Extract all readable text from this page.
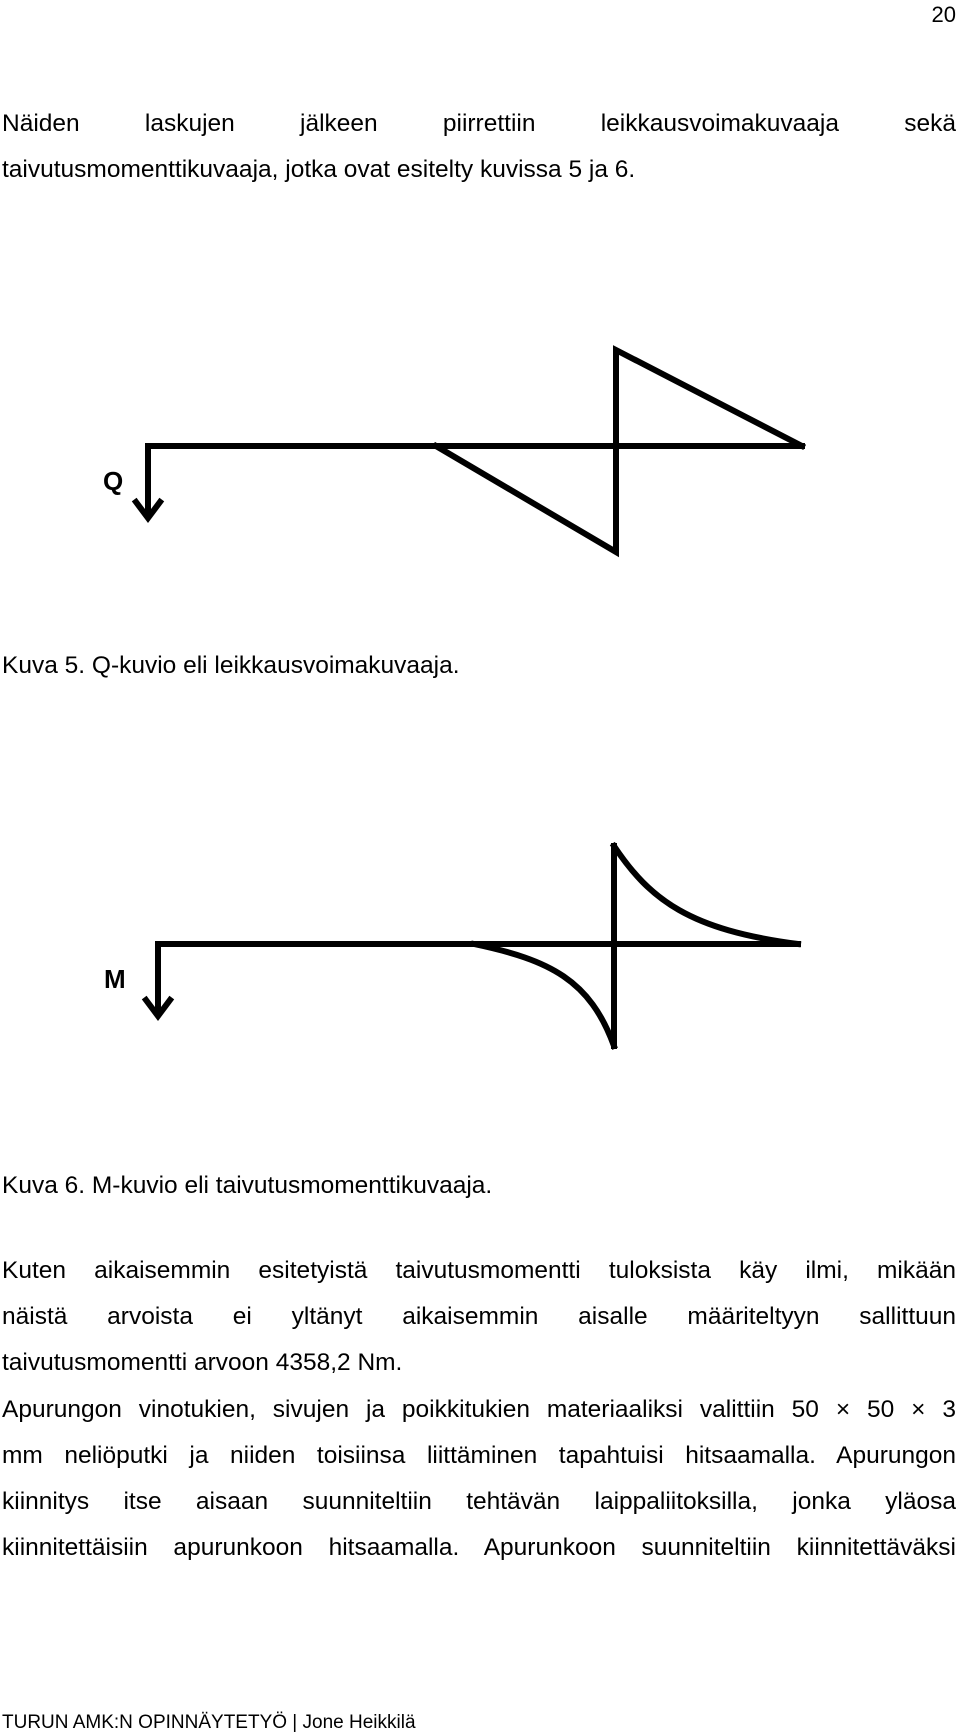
20

Näiden laskujen jälkeen piirrettiin leikkausvoimakuvaaja sekä
taivutusmomenttikuvaaja, jotka ovat esitelty kuvissa 5 ja 6.

Q

Kuva 5. Q-kuvio eli leikkausvoimakuvaaja.

M

Kuva 6. M-kuvio eli taivutusmomenttikuvaaja.

Kuten aikaisemmin esitetyistä taivutusmomentti tuloksista käy ilmi, mikään
näistä arvoista ei yltänyt aikaisemmin aisalle määriteltyyn sallittuun
taivutusmomentti arvoon 4358,2 Nm.

Apurungon vinotukien, sivujen ja poikkitukien materiaaliksi valittiin 50 × 50 × 3
mm neliöputki ja niiden toisiinsa liittäminen tapahtuisi hitsaamalla. Apurungon
kiinnitys itse aisaan suunniteltiin tehtävän laippaliitoksilla, jonka yläosa
kiinnitettäisiin apurunkoon hitsaamalla. Apurunkoon suunniteltiin kiinnitettäväksi

TURUN AMK:N OPINNÄYTETYÖ | Jone Heikkilä
